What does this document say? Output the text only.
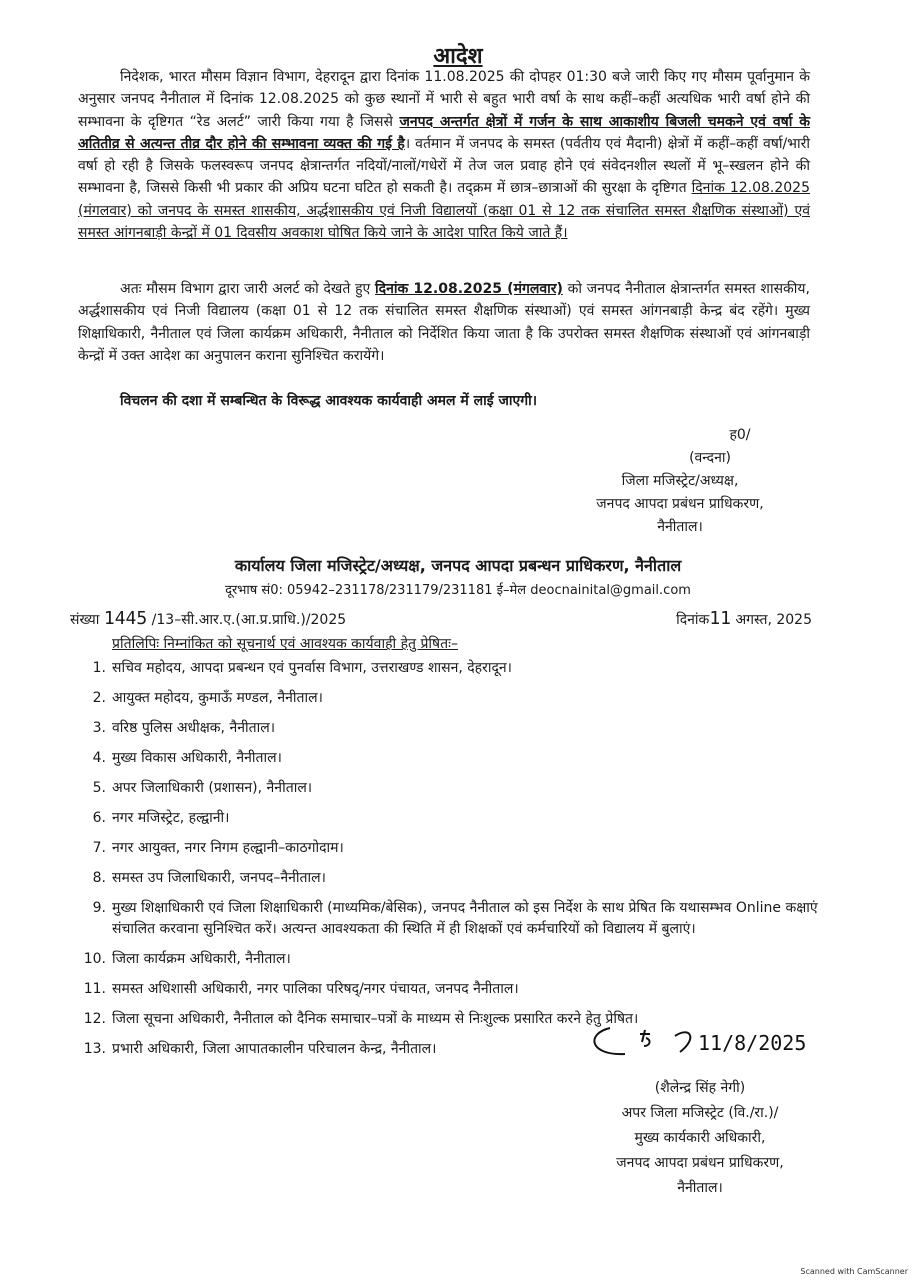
आदेश

निदेशक, भारत मौसम विज्ञान विभाग, देहरादून द्वारा दिनांक 11.08.2025 की दोपहर 01:30 बजे जारी किए गए मौसम पूर्वानुमान के अनुसार जनपद नैनीताल में दिनांक 12.08.2025 को कुछ स्थानों में भारी से बहुत भारी वर्षा के साथ कहीं–कहीं अत्यधिक भारी वर्षा होने की सम्भावना के दृष्टिगत “रेड अलर्ट” जारी किया गया है जिससे जनपद अन्तर्गत क्षेत्रों में गर्जन के साथ आकाशीय बिजली चमकने एवं वर्षा के अतितीव्र से अत्यन्त तीव्र दौर होने की सम्भावना व्यक्त की गई है। वर्तमान में जनपद के समस्त (पर्वतीय एवं मैदानी) क्षेत्रों में कहीं–कहीं वर्षा/भारी वर्षा हो रही है जिसके फलस्वरूप जनपद क्षेत्रान्तर्गत नदियों/नालों/गधेरों में तेज जल प्रवाह होने एवं संवेदनशील स्थलों में भू–स्खलन होने की सम्भावना है, जिससे किसी भी प्रकार की अप्रिय घटना घटित हो सकती है। तद्क्रम में छात्र–छात्राओं की सुरक्षा के दृष्टिगत दिनांक 12.08.2025 (मंगलवार) को जनपद के समस्त शासकीय, अर्द्धशासकीय एवं निजी विद्यालयों (कक्षा 01 से 12 तक संचालित समस्त शैक्षणिक संस्थाओं) एवं समस्त आंगनबाड़ी केन्द्रों में 01 दिवसीय अवकाश घोषित किये जाने के आदेश पारित किये जाते हैं।

अतः मौसम विभाग द्वारा जारी अलर्ट को देखते हुए दिनांक 12.08.2025 (मंगलवार) को जनपद नैनीताल क्षेत्रान्तर्गत समस्त शासकीय, अर्द्धशासकीय एवं निजी विद्यालय (कक्षा 01 से 12 तक संचालित समस्त शैक्षणिक संस्थाओं) एवं समस्त आंगनबाड़ी केन्द्र बंद रहेंगे। मुख्य शिक्षाधिकारी, नैनीताल एवं जिला कार्यक्रम अधिकारी, नैनीताल को निर्देशित किया जाता है कि उपरोक्त समस्त शैक्षणिक संस्थाओं एवं आंगनबाड़ी केन्द्रों में उक्त आदेश का अनुपालन कराना सुनिश्चित करायेंगे।

विचलन की दशा में सम्बन्धित के विरूद्ध आवश्यक कार्यवाही अमल में लाई जाएगी।

ह0/
(वन्दना)
जिला मजिस्ट्रेट/अध्यक्ष,
जनपद आपदा प्रबंधन प्राधिकरण,
नैनीताल।
कार्यालय जिला मजिस्ट्रेट/अध्यक्ष, जनपद आपदा प्रबन्धन प्राधिकरण, नैनीताल
दूरभाष सं0: 05942–231178/231179/231181 ई–मेल deocnainital@gmail.com
संख्या 1445 /13–सी.आर.ए.(आ.प्र.प्राधि.)/2025	दिनांक11 अगस्त, 2025
प्रतिलिपिः निम्नांकित को सूचनार्थ एवं आवश्यक कार्यवाही हेतु प्रेषितः–
1. सचिव महोदय, आपदा प्रबन्धन एवं पुनर्वास विभाग, उत्तराखण्ड शासन, देहरादून।
2. आयुक्त महोदय, कुमाऊँ मण्डल, नैनीताल।
3. वरिष्ठ पुलिस अधीक्षक, नैनीताल।
4. मुख्य विकास अधिकारी, नैनीताल।
5. अपर जिलाधिकारी (प्रशासन), नैनीताल।
6. नगर मजिस्ट्रेट, हल्द्वानी।
7. नगर आयुक्त, नगर निगम हल्द्वानी–काठगोदाम।
8. समस्त उप जिलाधिकारी, जनपद–नैनीताल।
9. मुख्य शिक्षाधिकारी एवं जिला शिक्षाधिकारी (माध्यमिक/बेसिक), जनपद नैनीताल को इस निर्देश के साथ प्रेषित कि यथासम्भव Online कक्षाएं संचालित करवाना सुनिश्चित करें। अत्यन्त आवश्यकता की स्थिति में ही शिक्षकों एवं कर्मचारियों को विद्यालय में बुलाएं।
10. जिला कार्यक्रम अधिकारी, नैनीताल।
11. समस्त अधिशासी अधिकारी, नगर पालिका परिषद्/नगर पंचायत, जनपद नैनीताल।
12. जिला सूचना अधिकारी, नैनीताल को दैनिक समाचार–पत्रों के माध्यम से निःशुल्क प्रसारित करने हेतु प्रेषित।
13. प्रभारी अधिकारी, जिला आपातकालीन परिचालन केन्द्र, नैनीताल।	11/8/2025
(शैलेन्द्र सिंह नेगी)
अपर जिला मजिस्ट्रेट (वि./रा.)/
मुख्य कार्यकारी अधिकारी,
जनपद आपदा प्रबंधन प्राधिकरण,
नैनीताल।
Scanned with CamScanner
